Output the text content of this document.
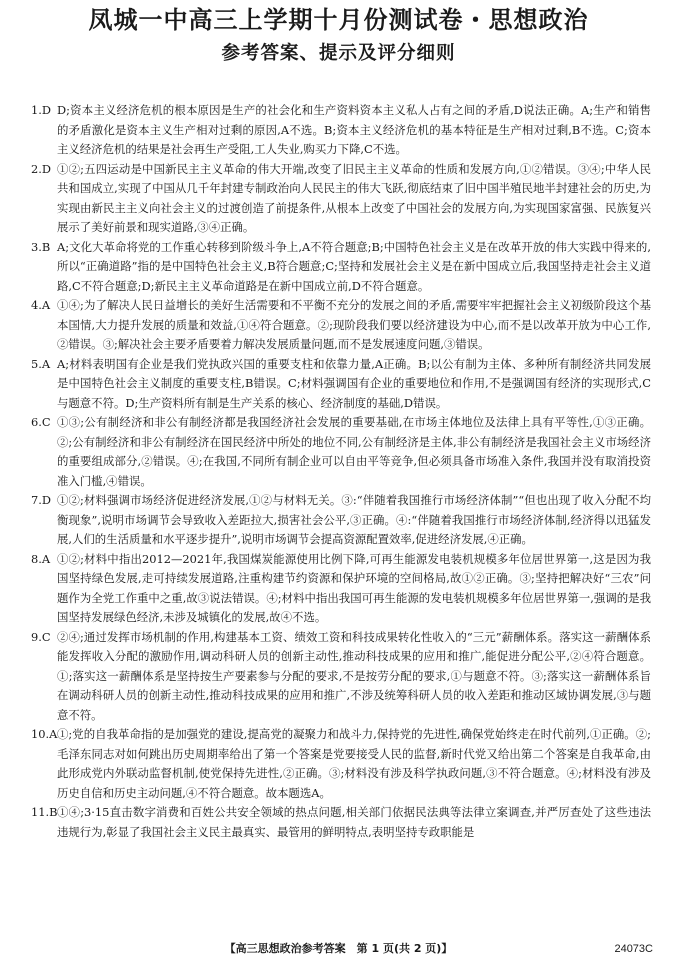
凤城一中高三上学期十月份测试卷・思想政治
参考答案、提示及评分细则
1.D D;资本主义经济危机的根本原因是生产的社会化和生产资料资本主义私人占有之间的矛盾,D说法正确。A;生产和销售的矛盾激化是资本主义生产相对过剩的原因,A不选。B;资本主义经济危机的基本特征是生产相对过剩,B不选。C;资本主义经济危机的结果是社会再生产受阻,工人失业,购买力下降,C不选。
2.D ①②;五四运动是中国新民主主义革命的伟大开端,改变了旧民主主义革命的性质和发展方向,①②错误。③④;中华人民共和国成立,实现了中国从几千年封建专制政治向人民民主的伟大飞跃,彻底结束了旧中国半殖民地半封建社会的历史,为实现由新民主主义向社会主义的过渡创造了前提条件,从根本上改变了中国社会的发展方向,为实现国家富强、民族复兴展示了美好前景和现实道路,③④正确。
3.B A;文化大革命将党的工作重心转移到阶级斗争上,A不符合题意;B;中国特色社会主义是在改革开放的伟大实践中得来的,所以“正确道路”指的是中国特色社会主义,B符合题意;C;坚持和发展社会主义是在新中国成立后,我国坚持走社会主义道路,C不符合题意;D;新民主主义革命道路是在新中国成立前,D不符合题意。
4.A ①④;为了解决人民日益增长的美好生活需要和不平衡不充分的发展之间的矛盾,需要牢牢把握社会主义初级阶段这个基本国情,大力提升发展的质量和效益,①④符合题意。②;现阶段我们要以经济建设为中心,而不是以改革开放为中心工作,②错误。③;解决社会主要矛盾要着力解决发展质量问题,而不是发展速度问题,③错误。
5.A A;材料表明国有企业是我们党执政兴国的重要支柱和依靠力量,A正确。B;以公有制为主体、多种所有制经济共同发展是中国特色社会主义制度的重要支柱,B错误。C;材料强调国有企业的重要地位和作用,不是强调国有经济的实现形式,C与题意不符。D;生产资料所有制是生产关系的核心、经济制度的基础,D错误。
6.C ①③;公有制经济和非公有制经济都是我国经济社会发展的重要基础,在市场主体地位及法律上具有平等性,①③正确。②;公有制经济和非公有制经济在国民经济中所处的地位不同,公有制经济是主体,非公有制经济是我国社会主义市场经济的重要组成部分,②错误。④;在我国,不同所有制企业可以自由平等竞争,但必须具备市场准入条件,我国并没有取消投资准入门槛,④错误。
7.D ①②;材料强调市场经济促进经济发展,①②与材料无关。③:“伴随着我国推行市场经济体制”“但也出现了收入分配不均衡现象”,说明市场调节会导致收入差距拉大,损害社会公平,③正确。④:“伴随着我国推行市场经济体制,经济得以迅猛发展,人们的生活质量和水平逐步提升”,说明市场调节会提高资源配置效率,促进经济发展,④正确。
8.A ①②;材料中指出2012—2021年,我国煤炭能源使用比例下降,可再生能源发电装机规模多年位居世界第一,这是因为我国坚持绿色发展,走可持续发展道路,注重构建节约资源和保护环境的空间格局,故①②正确。③;坚持把解决好“三农”问题作为全党工作重中之重,故③说法错误。④;材料中指出我国可再生能源的发电装机规模多年位居世界第一,强调的是我国坚持发展绿色经济,未涉及城镇化的发展,故④不选。
9.C ②④;通过发挥市场机制的作用,构建基本工资、绩效工资和科技成果转化性收入的“三元”薪酬体系。落实这一薪酬体系能发挥收入分配的激励作用,调动科研人员的创新主动性,推动科技成果的应用和推广,能促进分配公平,②④符合题意。①;落实这一薪酬体系是坚持按生产要素参与分配的要求,不是按劳分配的要求,①与题意不符。③;落实这一薪酬体系旨在调动科研人员的创新主动性,推动科技成果的应用和推广,不涉及统筹科研人员的收入差距和推动区域协调发展,③与题意不符。
10.A ①;党的自我革命指的是加强党的建设,提高党的凝聚力和战斗力,保持党的先进性,确保党始终走在时代前列,①正确。②;毛泽东同志对如何跳出历史周期率给出了第一个答案是党要接受人民的监督,新时代党又给出第二个答案是自我革命,由此形成党内外联动监督机制,使党保持先进性,②正确。③;材料没有涉及科学执政问题,③不符合题意。④;材料没有涉及历史自信和历史主动问题,④不符合题意。故本题选A。
11.B ①④;3·15直击数字消费和百姓公共安全领域的热点问题,相关部门依据民法典等法律立案调查,并严厉查处了这些违法违规行为,彰显了我国社会主义民主最真实、最管用的鲜明特点,表明坚持专政职能是
【高三思想政治参考答案　第 1 页(共 2 页)】	24073C
